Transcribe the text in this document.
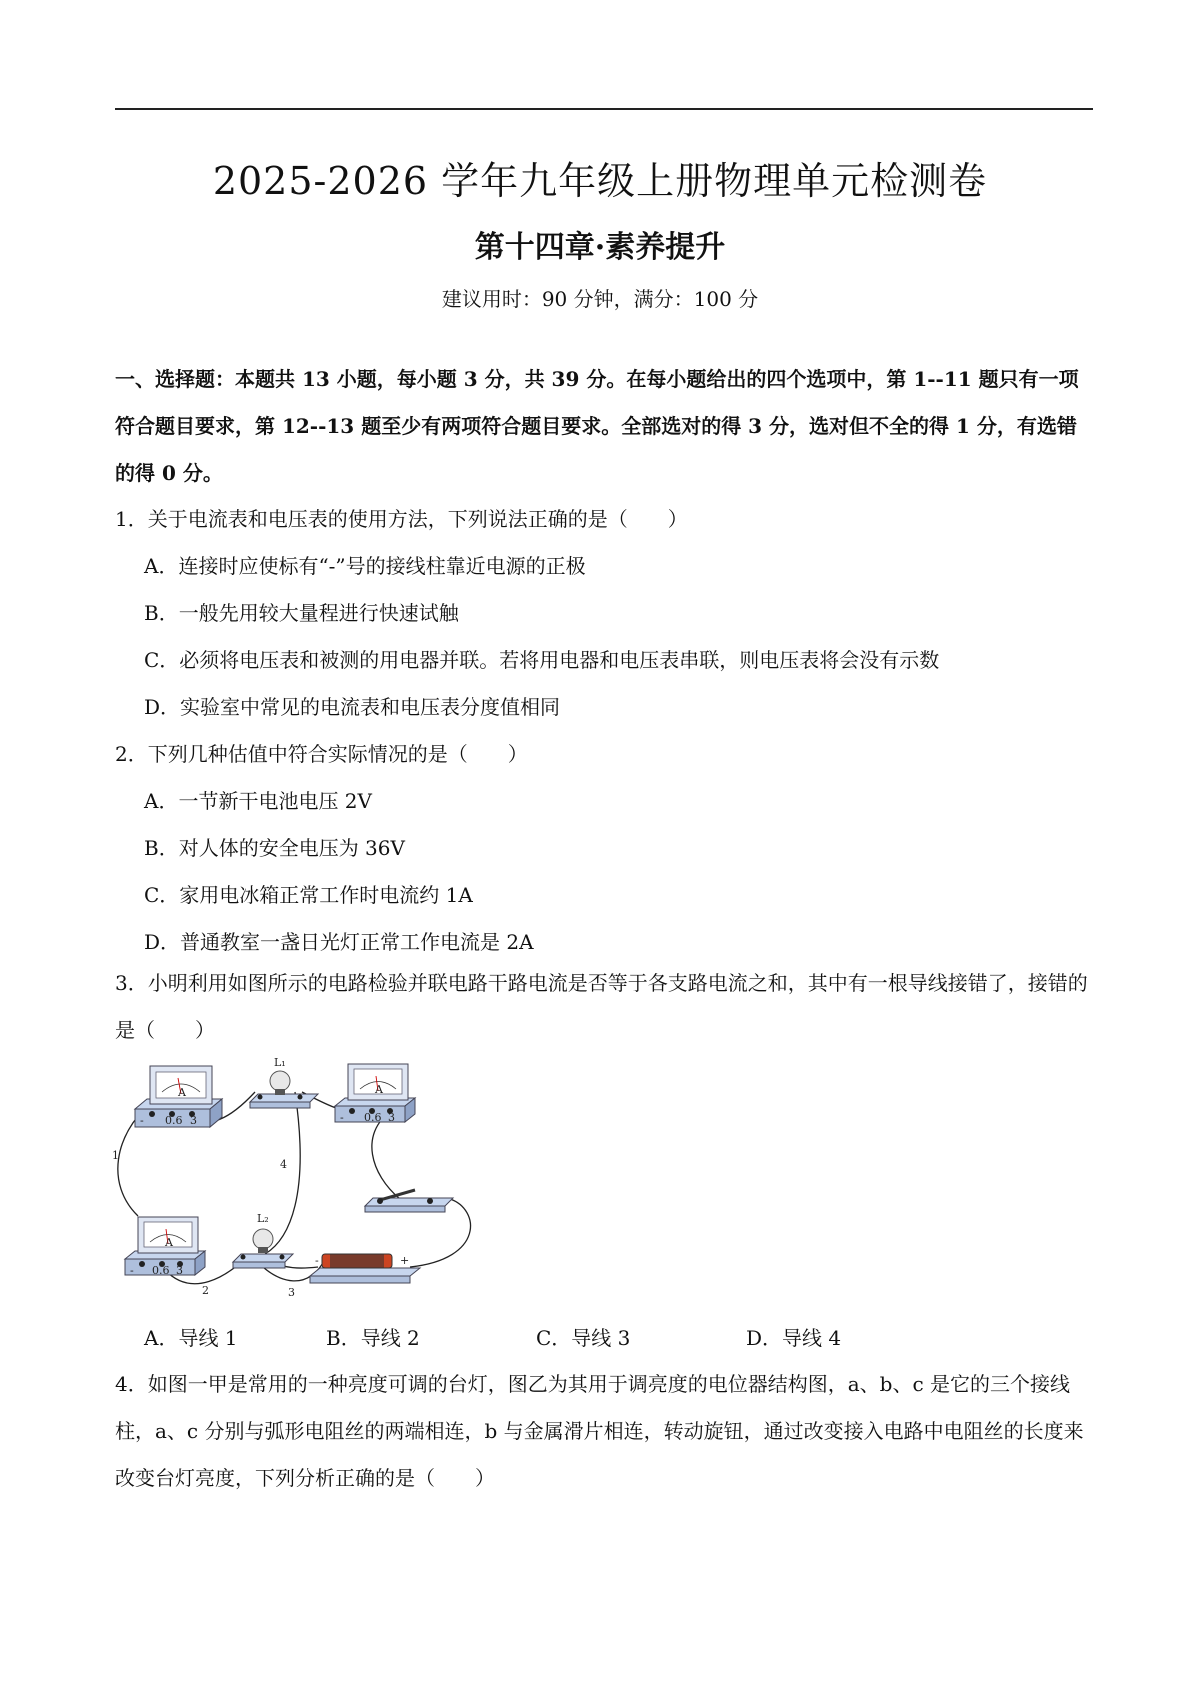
2025-2026 学年九年级上册物理单元检测卷
第十四章·素养提升
建议用时：90 分钟，满分：100 分
一、选择题：本题共 13 小题，每小题 3 分，共 39 分。在每小题给出的四个选项中，第 1--11 题只有一项符合题目要求，第 12--13 题至少有两项符合题目要求。全部选对的得 3 分，选对但不全的得 1 分，有选错的得 0 分。
1．关于电流表和电压表的使用方法，下列说法正确的是（　　）
A．连接时应使标有“-”号的接线柱靠近电源的正极
B．一般先用较大量程进行快速试触
C．必须将电压表和被测的用电器并联。若将用电器和电压表串联，则电压表将会没有示数
D．实验室中常见的电流表和电压表分度值相同
2．下列几种估值中符合实际情况的是（　　）
A．一节新干电池电压 2V
B．对人体的安全电压为 36V
C．家用电冰箱正常工作时电流约 1A
D．普通教室一盏日光灯正常工作电流是 2A
3．小明利用如图所示的电路检验并联电路干路电流是否等于各支路电流之和，其中有一根导线接错了，接错的是（　　）
A
- 0.6 3
A
- 0.6 3
A
- 0.6 3
L₁
L₂
-	+
1
2	3
4
A．导线 1	B．导线 2	C．导线 3	D．导线 4
4．如图一甲是常用的一种亮度可调的台灯，图乙为其用于调亮度的电位器结构图，a、b、c 是它的三个接线柱，a、c 分别与弧形电阻丝的两端相连，b 与金属滑片相连，转动旋钮，通过改变接入电路中电阻丝的长度来改变台灯亮度，下列分析正确的是（　　）
